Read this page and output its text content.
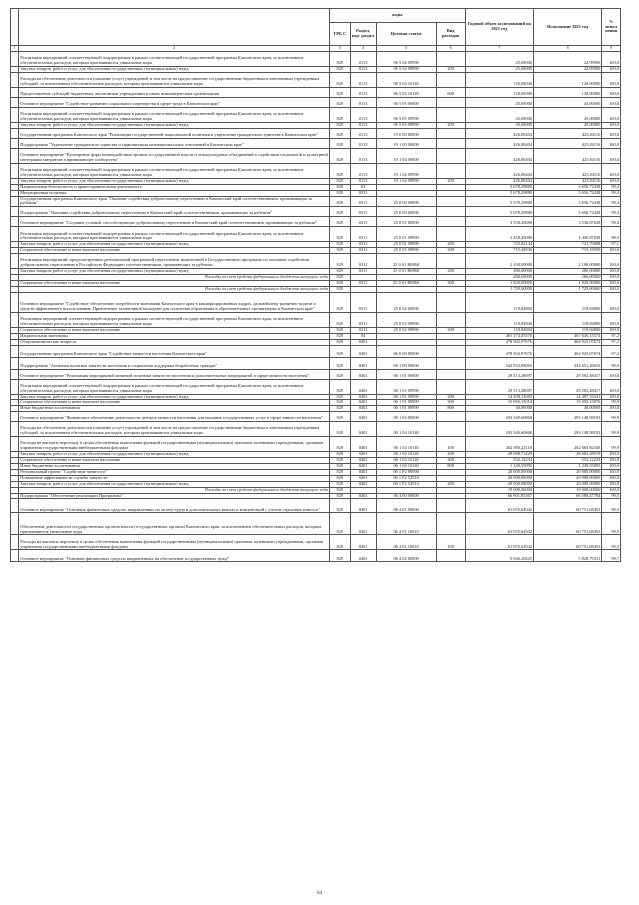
		коды				Годовой объем ассигнований на 2021 год	Исполнение 2021 год	% испол нения
		ГРБ С	Раздел, под- раздел	Целевая статья	Вид расходов			
1	2	3	4	5	6	7	8	9
	Реализация мероприятий соответствующей подпрограммы в рамках соответствующей государственной программы Камчатского края, за исключением обеспечительных расходов, которым присваиваются уникальные коды	829	0113	06 5 04 09990		25,00000	24,99900	100,0
	Закупка товаров, работ и услуг для обеспечения государственных (муниципальных) нужд	829	0113	06 5 04 09990	200	25,00000	24,99900	100,0
	Расходы на обеспечение деятельности (оказание услуг) учреждений, в том числе на предоставление государственным бюджетным и автономным учреждениям субсидий, за исключением обеспечительных расходов, которым присваиваются уникальные коды	829	0113	06 5 04 10140		120,00000	120,00000	100,0
	Предоставление субсидий бюджетным, автономным учреждениям и иным некоммерческим организациям	829	0113	06 5 04 10140	600	120,00000	120,00000	100,0
	Основное мероприятие "Содействие развитию социального партнерства в сфере труда в Камчатском крае"	829	0113	06 5 05 00000		45,00000	45,00000	100,0
	Реализация мероприятий соответствующей подпрограммы в рамках соответствующей государственной программы Камчатского края, за исключением обеспечительных расходов, которым присваиваются уникальные коды	829	0113	06 5 05 09990		45,00000	45,00000	100,0
	Закупка товаров, работ и услуг для обеспечения государственных (муниципальных) нужд	829	0113	06 5 05 09990	200	45,00000	45,00000	100,0
	Государственная программа Камчатского края "Реализация государственной национальной политики и укрепление гражданского единства в Камчатском крае"	829	0113	19 0 00 00000		426,00404	425,84116	100,0
	Подпрограмма "Укрепление гражданского единства и гармонизация межнациональных отношений в Камчатском крае"	829	0113	19 1 00 00000		426,00404	425,84116	100,0
	Основное мероприятие "Расширение форм взаимодействия органов государственной власти и этнокультурных объединений в содействии социальной и культурной интеграции мигрантов в принимающее сообщество"	829	0113	19 1 04 00000		426,00404	425,84116	100,0
	Реализация мероприятий соответствующей подпрограммы в рамках соответствующей государственной программы Камчатского края, за исключением обеспечительных расходов, которым присваиваются уникальные коды	829	0113	19 1 04 09990		426,00404	425,84116	100,0
	Закупка товаров, работ и услуг для обеспечения государственных (муниципальных) нужд	829	0113	19 1 04 09990	200	426,00404	425,84116	100,0
	Национальная безопасность и правоохранительная деятельность	829	03			5 678,29880	3 656,72438	99,4
	Миграционная политика	829	0311			5 678,29880	3 656,72438	99,4
	Государственная программа Камчатского края "Оказание содействия добровольному переселению в Камчатский край соотечественников, проживающих за рубежом"	829	0311	25 0 00 00000		5 678,29880	3 656,72438	99,4
	Подпрограмма "Оказание содействия добровольному переселению в Камчатский край соотечественников, проживающих за рубежом"	829	0311	25 0 00 00000		5 678,29880	3 656,72438	99,4
	Основное мероприятие "Создание условий, способствующих добровольному переселению в Камчатский край соотечественников, проживающих за рубежом"	829	0311	25 0 01 00000		3 558,45080	3 536,87638	99,4
	Реализация мероприятий соответствующей подпрограммы в рамках соответствующей государственной программы Камчатского края, за исключением обеспечительных расходов, которым присваиваются уникальные коды	829	0311	25 0 01 09990		1 458,45080	1 436,87638	98,5
	Закупка товаров, работ и услуг для обеспечения государственных (муниципальных) нужд	829	0311	25 0 01 09990	200	743,02144	721,70688	97,1
	Социальное обеспечение и иные выплаты населению	829	0311	25 0 01 09990	300	715,42936	715,16950	100,0
	Реализация мероприятий, предусмотренных региональной программой переселения, включенной в Государственную программу по оказанию содействия добровольному переселению в Российскую Федерацию соотечественников, проживающих за рубежом	829	0311	25 0 01 R0860		2 100,00000	2 100,00000	100,0
	Закупка товаров, работ и услуг для обеспечения государственных (муниципальных) нужд	829	0311	25 0 01 R0860	200	280,00000	280,00000	100,0
	Расходы за счет средств федерального бюджета текущего года	829				266,00000	266,00000	100,0
	Социальное обеспечение и иные выплаты населению	829	0311	25 0 01 R0860	300	1 820,00000	1 820,00000	100,0
	Расходы за счет средств федерального бюджета текущего года	829				1 729,00000	1 729,00000	100,0
	Основное мероприятие "Содействие обеспечению потребности экономики Камчатского края в квалифицированных кадрах, дальнейшему развитию модели и средств эффективного использования. Привлечение талантливой молодежи для получения образования в образовательных организациях в Камчатском крае"	829	0311	25 0 02 00000		119,84800	119,84800	100,0
	Реализация мероприятий соответствующей подпрограммы в рамках соответствующей государственной программы Камчатского края, за исключением обеспечительных расходов, которым присваиваются уникальные коды	829	0311	25 0 02 09990		119,84800	119,84800	100,0
	Социальное обеспечение и иные выплаты населению	829	0311	25 0 02 09990	300	119,84800	119,84800	100,0
	Национальная экономика	829	04			481 274,05576	467 636,15574	97,2
	Общеэкономические вопросы	829	0401			478 502,97676	464 925,07674	97,2
	Государственная программа Камчатского края "Содействие занятости населения Камчатского края"	829	0401	06 0 00 00000		478 502,97676	464 925,07674	97,2
	Подпрограмма "Активная политика занятости населения и социальная поддержка безработных граждан"	829	0401	06 1 00 00000		342 853,88065	342 651,46610	99,9
	Основное мероприятие "Реализация мероприятий активной политики занятости населения и дополнительных мероприятий в сфере занятости населения"	829	0401	06 1 01 00000		29 513,28097	29 502,48417	100,0
	Реализация мероприятий соответствующей подпрограммы в рамках соответствующей государственной программы Камчатского края, за исключением обеспечительных расходов, которым присваиваются уникальные коды	829	0401	06 1 01 09990		29 513,28097	29 502,48417	100,0
	Закупка товаров, работ и услуг для обеспечения государственных (муниципальных) нужд	829	0401	06 1 01 09990	200	14 408,13083	14 407,33341	100,0
	Социальное обеспечение и иные выплаты населению	829	0401	06 1 01 09990	300	15 065,15014	15 055,15076	99,9
	Иные бюджетные ассигнования	829	0401	06 1 01 09990	800	40,00000	40,00000	100,0
	Основное мероприятие "Финансовое обеспечение деятельности центров занятости населения для оказания государственных услуг в сфере занятости населения"	829	0401	06 1 04 00000		293 340,60868	293 148,98193	99,9
	Расходы на обеспечение деятельности (оказание услуг) учреждений, в том числе на предоставление государственным бюджетным и автономным учреждениям субсидий, за исключением обеспечительных расходов, которым присваиваются уникальные коды	829	0401	06 1 04 10140		293 340,60868	293 148,98193	99,9
	Расходы на выплаты персоналу в целях обеспечения выполнения функций государственными (муниципальными) органами, казенными учреждениями, органами управления государственными внебюджетными фондами	829	0401	06 1 04 10140	100	262 850,22110	262 663,82346	99,9
	Закупка товаров, работ и услуг для обеспечения государственных (муниципальных) нужд	829	0401	06 1 04 10140	200	28 688,71429	28 683,48518	100,0
	Социальное обеспечение и иные выплаты населению	829	0401	06 1 04 10140	300	552,12234	552,12234	100,0
	Иные бюджетные ассигнования	829	0401	06 1 04 10140	800	1 249,55095	1 249,55095	100,0
	Региональный проект "Содействие занятости"	829	0401	06 1 P2 00000		20 000,00000	20 000,00000	100,0
	Повышение эффективности службы занятости	829	0401	06 1 P2 52910		20 000,00000	20 000,00000	100,0
	Закупка товаров, работ и услуг для обеспечения государственных (муниципальных) нужд	829	0401	06 1 P2 52910	200	20 000,00000	20 000,00000	100,0
	Расходы за счет средств федерального бюджета текущего года	829				19 000,00000	19 000,00000	100,0
	Подпрограмма "Обеспечение реализации Программы"	829	0401	06 4 00 00000		66 901,85367	66 580,47784	99,5
	Основное мероприятие "Основные финансовых средств, направленных на оплату труда и дополнительных выплат и компенсаций с учетом страховых взносов"	829	0401	06 4 01 00000		61 055,64942	60 751,68453	99,5
	Обеспечение деятельности государственных органов власти (государственных органов) Камчатского края, за исключением обеспечительных расходов, которым присваиваются уникальные коды	829	0401	06 4 01 10010		61 055,64942	60 751,68453	99,5
	Расходы на выплаты персоналу в целях обеспечения выполнения функций государственными (муниципальными) органами, казенными учреждениями, органами управления государственными внебюджетными фондами	829	0401	06 4 01 10010	100	61 055,64942	60 751,68453	99,5
	Основное мероприятие "Основное финансовых средств, направленных на обеспечение государственных нужд"	829	0401	06 4 02 00000		5 846,20425	5 828,79331	99,7
64
